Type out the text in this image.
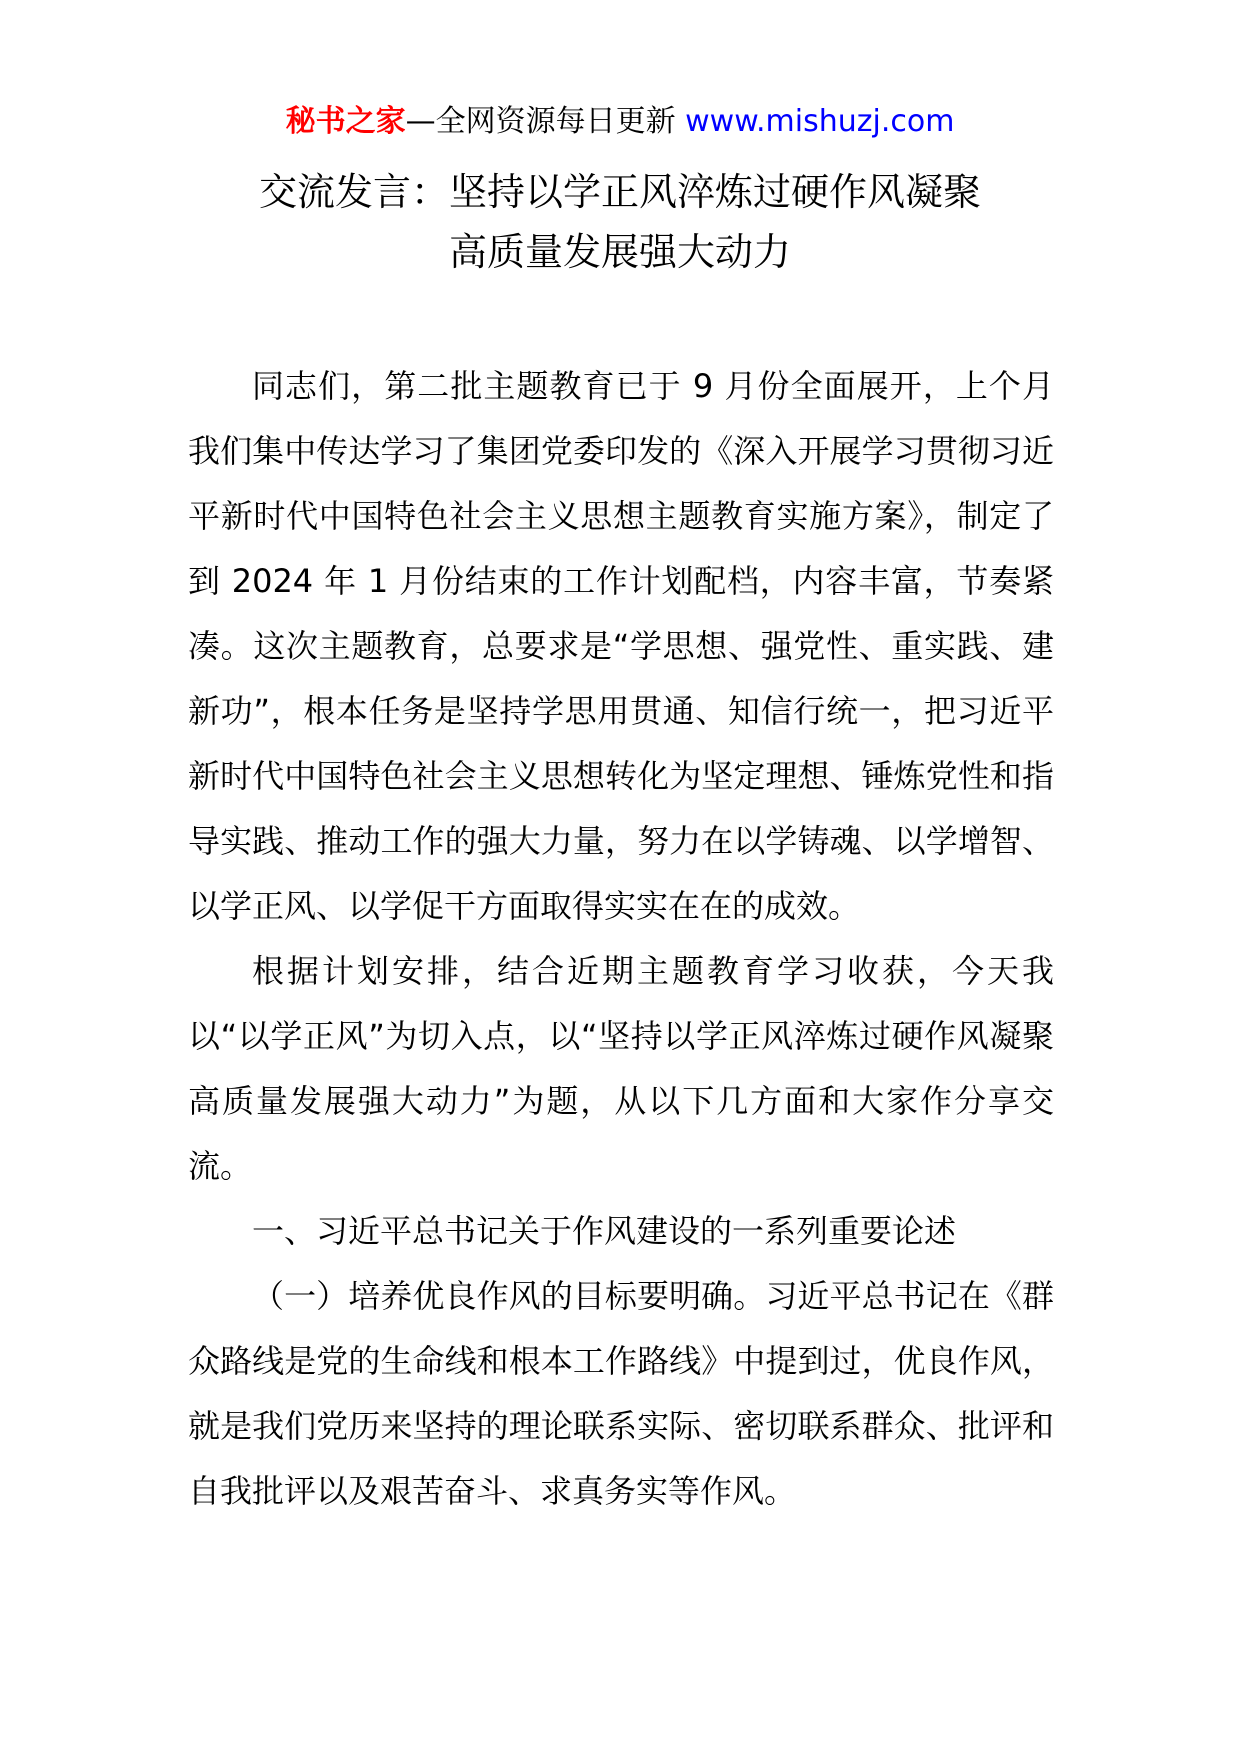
秘书之家—全网资源每日更新 www.mishuzj.com
交流发言：坚持以学正风淬炼过硬作风凝聚
高质量发展强大动力

同志们，第二批主题教育已于 9 月份全面展开，上个月我们集中传达学习了集团党委印发的《深入开展学习贯彻习近平新时代中国特色社会主义思想主题教育实施方案》，制定了到 2024 年 1 月份结束的工作计划配档，内容丰富，节奏紧凑。这次主题教育，总要求是“学思想、强党性、重实践、建新功”，根本任务是坚持学思用贯通、知信行统一，把习近平新时代中国特色社会主义思想转化为坚定理想、锤炼党性和指导实践、推动工作的强大力量，努力在以学铸魂、以学增智、以学正风、以学促干方面取得实实在在的成效。

根据计划安排，结合近期主题教育学习收获，今天我以“以学正风”为切入点，以“坚持以学正风淬炼过硬作风凝聚高质量发展强大动力”为题，从以下几方面和大家作分享交流。

一、习近平总书记关于作风建设的一系列重要论述

（一）培养优良作风的目标要明确。习近平总书记在《群众路线是党的生命线和根本工作路线》中提到过，优良作风，就是我们党历来坚持的理论联系实际、密切联系群众、批评和自我批评以及艰苦奋斗、求真务实等作风。
